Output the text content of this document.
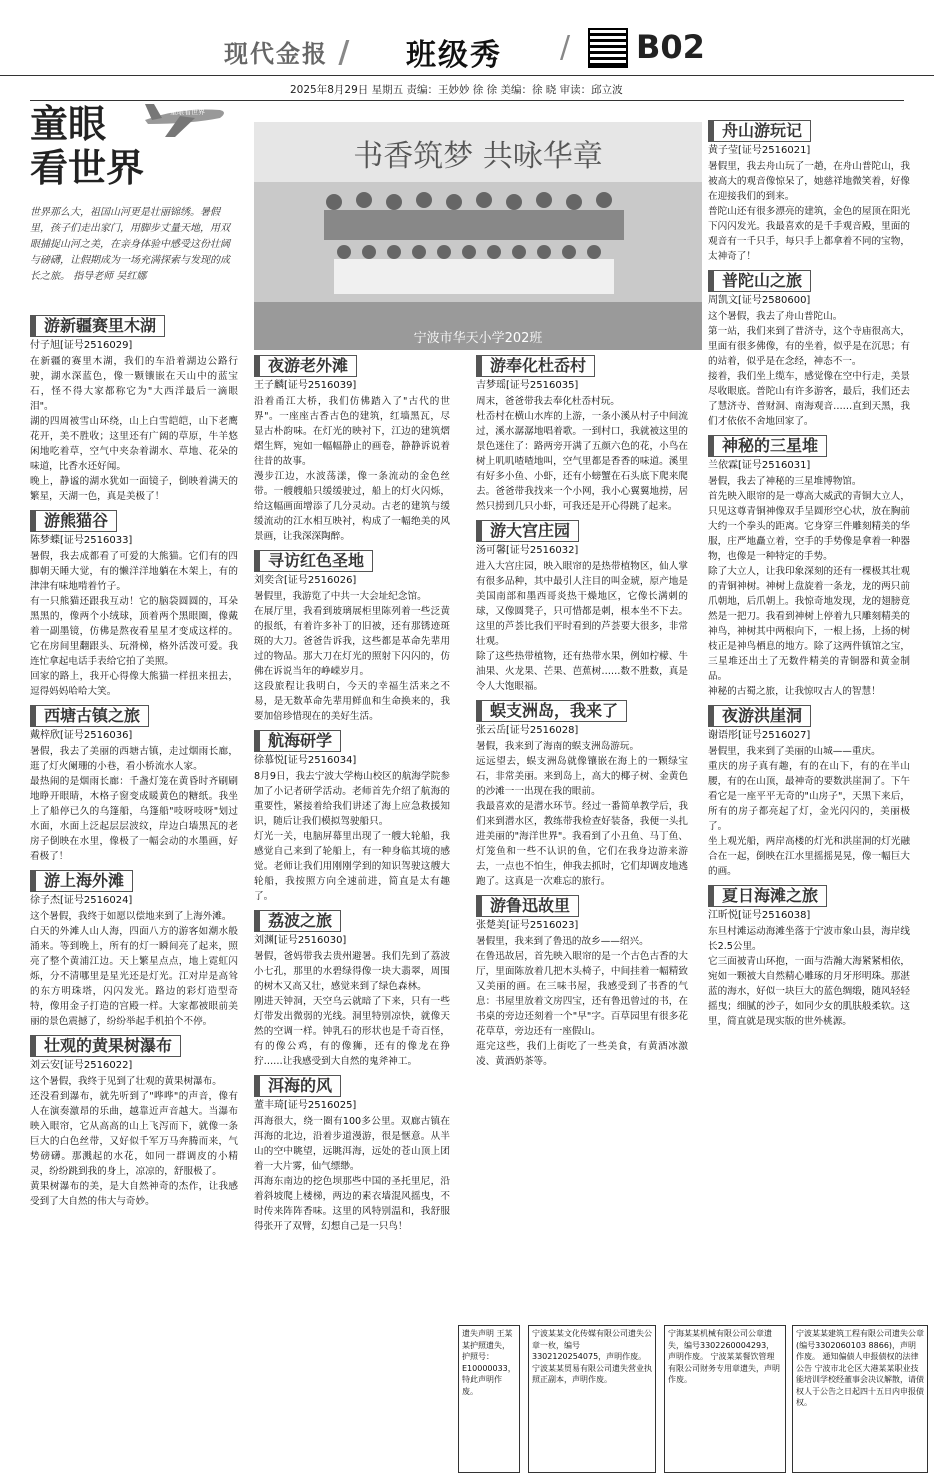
现代金报 / 班级秀 / B02
2025年8月29日 星期五 责编：王妙妙 徐 徐 美编：徐 晓 审读：邱立波
童眼
看世界
童眼看世界
世界那么大，祖国山河更是壮丽锦绣。暑假里，孩子们走出家门，用脚步丈量天地，用双眼捕捉山河之美，在亲身体验中感受这份壮阔与磅礴，让假期成为一场充满探索与发现的成长之旅。 指导老师 吴红娜
书香筑梦 共咏华章
宁波市华天小学202班
游新疆赛里木湖
付子旭[证号2516029]
在新疆的赛里木湖，我们的车沿着湖边公路行驶，湖水深蓝色，像一颗镶嵌在天山中的蓝宝石，怪不得大家都称它为"大西洋最后一滴眼泪"。
湖的四周被雪山环绕，山上白雪皑皑，山下老鹰花开，美不胜收；这里还有广阔的草原，牛羊悠闲地吃着草，空气中夹杂着湖水、草地、花朵的味道，比香水还好闻。
晚上，静谧的湖水犹如一面镜子，倒映着满天的繁星，天湖一色，真是美极了！
游熊猫谷
陈梦蝶[证号2516033]
暑假，我去成都看了可爱的大熊猫。它们有的四脚朝天睡大觉，有的懒洋洋地躺在木架上，有的津津有味地啃着竹子。
有一只熊猫还跟我互动！它的脑袋圆圆的，耳朵黑黑的，像两个小绒球，顶着两个黑眼圈，像戴着一副墨镜，仿佛是熬夜看星星才变成这样的。它在房间里翻跟头、玩滑梯，格外活泼可爱。我连忙拿起电话手表给它拍了美照。
回家的路上，我开心得像大熊猫一样扭来扭去，逗得妈妈哈哈大笑。
西塘古镇之旅
戴梓欣[证号2516036]
暑假，我去了美丽的西塘古镇，走过烟雨长廊，逛了灯火阑珊的小巷，看小桥流水人家。
最热闹的是烟雨长廊：千盏灯笼在黄昏时齐刷刷地睁开眼睛，木格子窗变成暖黄色的糖纸。我坐上了船停已久的乌篷船，乌篷船"吱呀吱呀"划过水面，水面上泛起层层波纹，岸边白墙黑瓦的老房子倒映在水里，像极了一幅会动的水墨画，好看极了！
游上海外滩
徐子杰[证号2516024]
这个暑假，我终于如愿以偿地来到了上海外滩。
白天的外滩人山人海，四面八方的游客如潮水般涌来。等到晚上，所有的灯一瞬间亮了起来，照亮了整个黄浦江边。天上繁星点点，地上霓虹闪烁，分不清哪里是星光还是灯光。江对岸是高耸的东方明珠塔，闪闪发光。路边的彩灯造型奇特，像用金子打造的宫殿一样。大家都被眼前美丽的景色震撼了，纷纷举起手机拍个不停。
壮观的黄果树瀑布
刘云安[证号2516022]
这个暑假，我终于见到了壮观的黄果树瀑布。
还没看到瀑布，就先听到了"哗哗"的声音，像有人在演奏激昂的乐曲，越靠近声音越大。当瀑布映入眼帘，它从高高的山上飞泻而下，就像一条巨大的白色丝带，又好似千军万马奔腾而来，气势磅礴。那溅起的水花，如同一群调皮的小精灵，纷纷跳到我的身上，凉凉的，舒服极了。
黄果树瀑布的美，是大自然神奇的杰作，让我感受到了大自然的伟大与奇妙。
夜游老外滩
王子麟[证号2516039]
沿着甬江大桥，我们仿佛踏入了"古代的世界"。一座座古香古色的建筑，红墙黑瓦，尽显古朴韵味。在灯光的映衬下，江边的建筑熠熠生辉，宛如一幅幅静止的画卷，静静诉说着往昔的故事。
漫步江边，水波荡漾，像一条流动的金色丝带。一艘艘船只缓缓驶过，船上的灯火闪烁，给这幅画面增添了几分灵动。古老的建筑与缓缓流动的江水相互映衬，构成了一幅绝美的风景画，让我深深陶醉。
寻访红色圣地
刘奕含[证号2516026]
暑假里，我游览了中共一大会址纪念馆。
在展厅里，我看到玻璃展柜里陈列着一些泛黄的报纸，有着许多补丁的旧被，还有那锈迹斑斑的大刀。爸爸告诉我，这些都是革命先辈用过的物品。那大刀在灯光的照射下闪闪的，仿佛在诉说当年的峥嵘岁月。
这段旅程让我明白，今天的幸福生活来之不易，是无数革命先辈用鲜血和生命换来的，我要加倍珍惜现在的美好生活。
航海研学
徐慕悦[证号2516034]
8月9日，我去宁波大学梅山校区的航海学院参加了小记者研学活动。老师首先介绍了航海的重要性，紧接着给我们讲述了海上应急救援知识，随后让我们模拟驾驶船只。
灯光一关，电脑屏幕里出现了一艘大轮船，我感觉自己来到了轮船上，有一种身临其境的感觉。老师让我们用刚刚学到的知识驾驶这艘大轮船，我按照方向全速前进，简直是太有趣了。
荔波之旅
刘渊[证号2516030]
暑假，爸妈带我去贵州避暑。我们先到了荔波小七孔，那里的水碧绿得像一块大翡翠，周围的树木又高又壮，感觉来到了绿色森林。
刚进天钟洞，天空乌云就暗了下来，只有一些灯带发出微弱的光线。洞里特别凉快，就像天然的空调一样。钟乳石的形状也是千奇百怪，有的像公鸡，有的像狮，还有的像龙在狰狞……让我感受到大自然的鬼斧神工。
洱海的风
董丰琦[证号2516025]
洱海很大，绕一圈有100多公里。双廊古镇在洱海的北边，沿着步道漫游，很是惬意。从半山的空中眺望，远眺洱海，远处的苍山顶上团着一大片雾，仙气缥缈。
洱海东南边的挖色坝那些中国的圣托里尼，沿着斜坡爬上楼梯，两边的素衣墙混风摇曳，不时传来阵阵香味。这里的风特别温和，我舒服得张开了双臂，幻想自己是一只鸟！
游奉化杜岙村
吉梦瑶[证号2516035]
周末，爸爸带我去奉化杜岙村玩。
杜岙村在横山水库的上游，一条小溪从村子中间流过，溪水潺潺地唱着歌。一到村口，我就被这里的景色迷住了：路两旁开满了五颜六色的花，小鸟在树上叽叽喳喳地叫，空气里都是香香的味道。溪里有好多小鱼、小虾，还有小螃蟹在石头底下爬来爬去。爸爸带我找来一个小网，我小心翼翼地捞，居然只捞到几只小虾，可我还是开心得跳了起来。
游大宫庄园
汤可馨[证号2516032]
进入大宫庄园，映入眼帘的是热带植物区，仙人掌有很多品种，其中最引人注目的叫金琥，原产地是美国南部和墨西哥炎热干燥地区，它像长满刺的球，又像圆凳子，只可惜都是刺，根本坐不下去。这里的芦荟比我们平时看到的芦荟要大很多，非常壮观。
除了这些热带植物，还有热带水果，例如柠檬、牛油果、火龙果、芒果、芭蕉树……数不胜数，真是令人大饱眼福。
蜈支洲岛，我来了
张云岳[证号2516028]
暑假，我来到了海南的蜈支洲岛游玩。
远远望去，蜈支洲岛就像镶嵌在海上的一颗绿宝石，非常美丽。来到岛上，高大的椰子树、金黄色的沙滩一一出现在我的眼前。
我最喜欢的是潜水环节。经过一番简单教学后，我们来到潜水区，教练带我检查好装备，我便一头扎进美丽的"海洋世界"。我看到了小丑鱼、马丁鱼、灯笼鱼和一些不认识的鱼，它们在我身边游来游去，一点也不怕生，伸我去抓时，它们却调皮地逃跑了。这真是一次难忘的旅行。
游鲁迅故里
张楚美[证号2516023]
暑假里，我来到了鲁迅的故乡——绍兴。
在鲁迅故居，首先映入眼帘的是一个古色古香的大厅，里面陈放着几把木头椅子，中间挂着一幅精致又美丽的画。在三味书屋，我感受到了书香的气息：书屋里放着文房四宝，还有鲁迅曾过的书，在书桌的旁边还刻着一个"早"字。百草园里有很多花花草草，旁边还有一座假山。
逛完这些，我们上街吃了一些美食，有黄酒冰激凌、黄酒奶茶等。
舟山游玩记
黄子莹[证号2516021]
暑假里，我去舟山玩了一趟，在舟山普陀山，我被高大的观音像惊呆了，她慈祥地微笑着，好像在迎接我们的到来。
普陀山还有很多漂亮的建筑，金色的屋顶在阳光下闪闪发光。我最喜欢的是千手观音殿，里面的观音有一千只手，每只手上都拿着不同的宝物，太神奇了！
普陀山之旅
周凯文[证号2580600]
这个暑假，我去了舟山普陀山。
第一站，我们来到了普济寺，这个寺庙很高大，里面有很多佛像，有的坐着，似乎是在沉思；有的站着，似乎是在念经，神态不一。
接着，我们坐上缆车，感觉像在空中行走，美景尽收眼底。普陀山有许多游客，最后，我们还去了慧济寺、普财洞、南海观音……直到天黑，我们才依依不舍地回家了。
神秘的三星堆
兰依霖[证号2516031]
暑假，我去了神秘的三星堆博物馆。
首先映入眼帘的是一尊高大威武的青铜大立人，只见这尊青铜神像双手呈圆形空心状，放在胸前大约一个拳头的距离。它身穿三件雕刻精美的华服，庄严地矗立着，空手的手势像是拿着一种器物，也像是一种特定的手势。
除了大立人，让我印象深刻的还有一棵极其壮观的青铜神树。神树上盘旋着一条龙，龙的两只前爪朝地，后爪朝上。我惊奇地发现，龙的翅膀竟然是一把刀。我看到神树上停着九只雕刻精美的神鸟，神树其中两根向下，一根上扬，上扬的树枝正是神鸟栖息的地方。除了这两件镇馆之宝，三星堆还出土了无数件精美的青铜器和黄金制品。
神秘的古蜀之旅，让我惊叹古人的智慧！
夜游洪崖洞
谢语彤[证号2516027]
暑假里，我来到了美丽的山城——重庆。
重庆的房子真有趣，有的在山下，有的在半山腰，有的在山顶，最神奇的要数洪崖洞了。下午看它是一座平平无奇的"山房子"，天黑下来后，所有的房子都亮起了灯，金光闪闪的，美丽极了。
坐上观光船，两岸高楼的灯光和洪崖洞的灯光融合在一起，倒映在江水里摇摇晃晃，像一幅巨大的画。
夏日海滩之旅
江昕悦[证号2516038]
东旦村滩运动海滩坐落于宁波市象山县，海岸线长2.5公里。
它三面被青山环抱，一面与浩瀚大海紧紧相依，宛如一颗被大自然精心雕琢的月牙形明珠。那湛蓝的海水，好似一块巨大的蓝色绸缎，随风轻轻摇曳；细腻的沙子，如同少女的肌肤般柔软。这里，简直就是现实版的世外桃源。
遗失声明 王某某护照遗失，护照号：E10000033，特此声明作废。
宁波某某文化传媒有限公司遗失公章一枚，编号3302120254075，声明作废。 宁波某某贸易有限公司遗失营业执照正副本，声明作废。
宁海某某机械有限公司公章遗失，编号3302260004293，声明作废。 宁波某某餐饮管理有限公司财务专用章遗失，声明作废。
宁波某某建筑工程有限公司遗失公章(编号3302060103 8866)，声明作废。 通知偏债人申报债权的法律公告 宁波市北仑区大港某某职业技能培训学校经董事会决议解散，请债权人于公告之日起四十五日内申报债权。
